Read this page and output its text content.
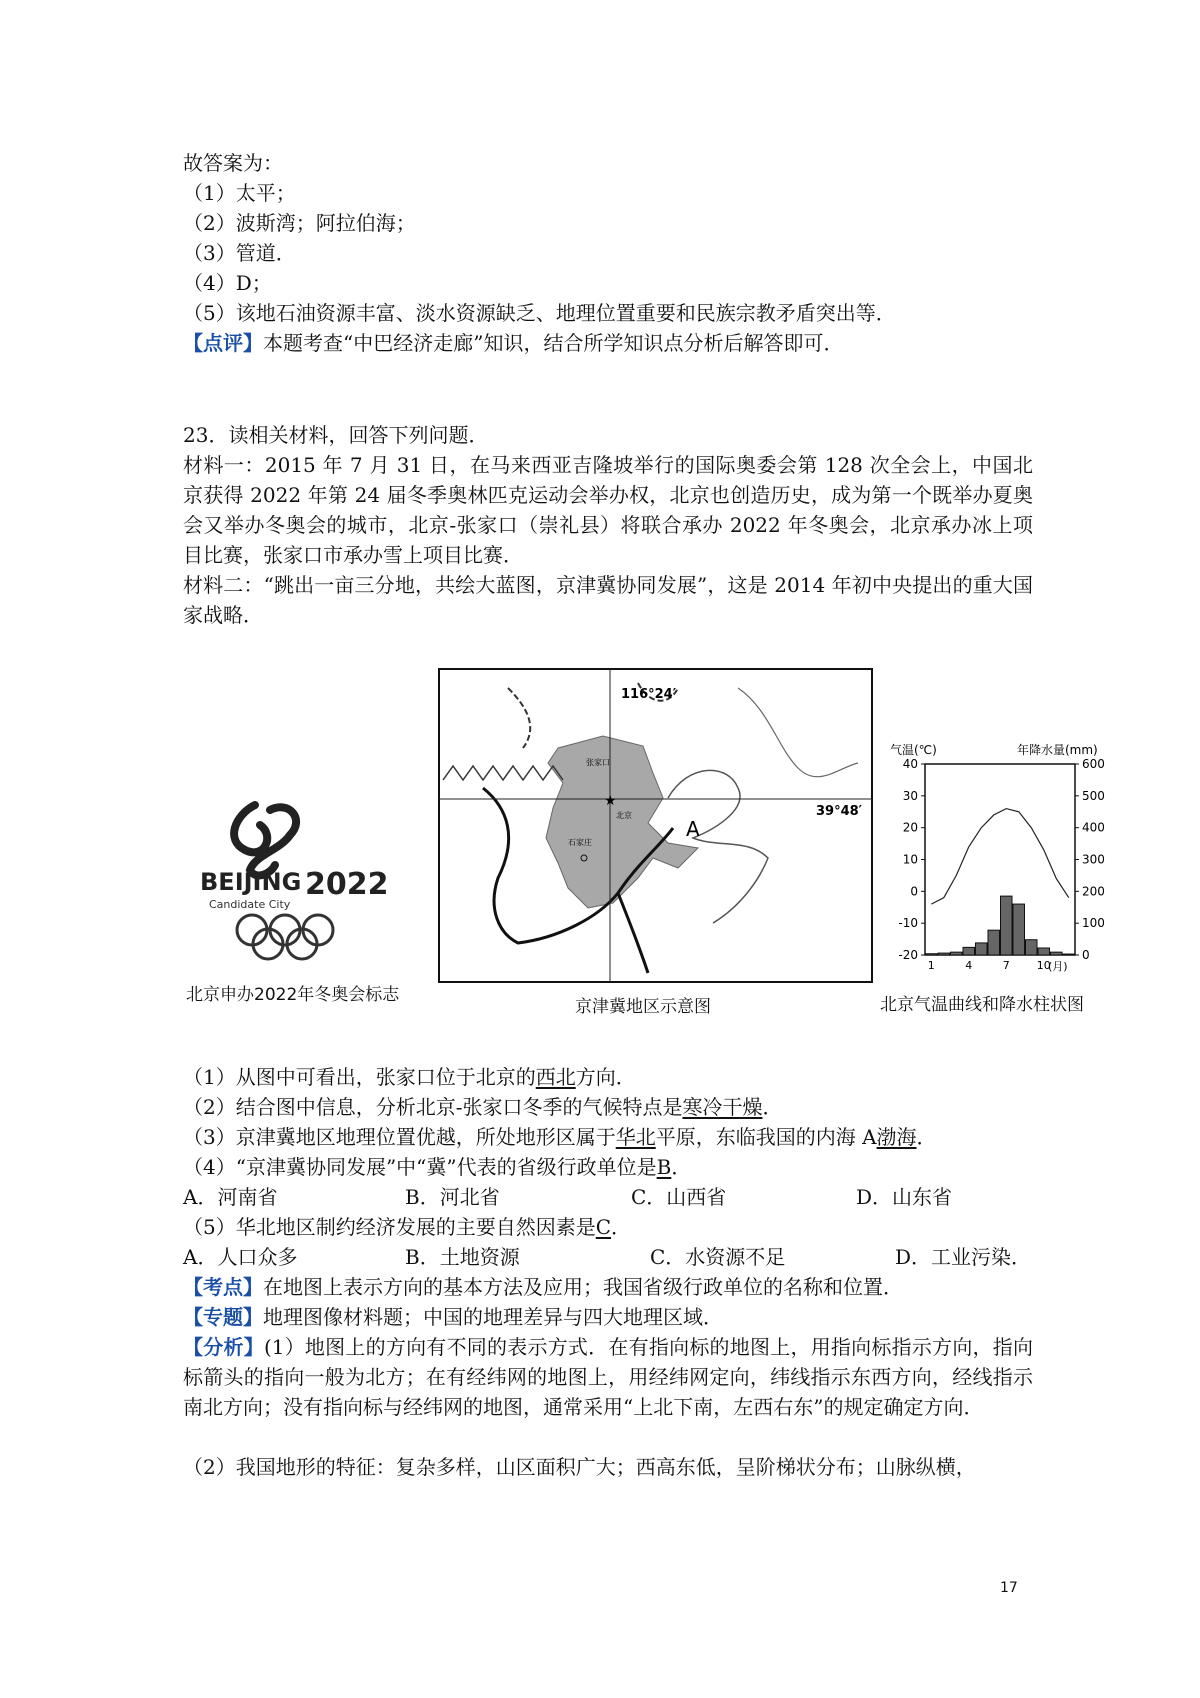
故答案为：
（1）太平；
（2）波斯湾；阿拉伯海；
（3）管道．
（4）D；
（5）该地石油资源丰富、淡水资源缺乏、地理位置重要和民族宗教矛盾突出等．
【点评】本题考查“中巴经济走廊”知识，结合所学知识点分析后解答即可．
23．读相关材料，回答下列问题．
材料一：2015 年 7 月 31 日，在马来西亚吉隆坡举行的国际奥委会第 128 次全会上，中国北京获得 2022 年第 24 届冬季奥林匹克运动会举办权，北京也创造历史，成为第一个既举办夏奥会又举办冬奥会的城市，北京-张家口（崇礼县）将联合承办 2022 年冬奥会，北京承办冰上项目比赛，张家口市承办雪上项目比赛．
材料二：“跳出一亩三分地，共绘大蓝图，京津冀协同发展”，这是 2014 年初中央提出的重大国家战略．
BEIJING 2022
Candidate City
北京申办2022年冬奥会标志
116°24′
39°48′
A
张家口
石家庄
北京
★
京津冀地区示意图
气温(℃)	年降水量(mm)
40
30
20
10
0
-10
-20
600
500
400
300
200
100
0
1	4	7 10
(月)
北京气温曲线和降水柱状图
（1）从图中可看出，张家口位于北京的西北方向．
（2）结合图中信息，分析北京-张家口冬季的气候特点是寒冷干燥．
（3）京津冀地区地理位置优越，所处地形区属于华北平原，东临我国的内海 A渤海．
（4）“京津冀协同发展”中“冀”代表的省级行政单位是B．
A．河南省	B．河北省	C．山西省	D．山东省
（5）华北地区制约经济发展的主要自然因素是C．
A．人口众多	B．土地资源	C．水资源不足	D．工业污染．
【考点】在地图上表示方向的基本方法及应用；我国省级行政单位的名称和位置．
【专题】地理图像材料题；中国的地理差异与四大地理区域．
【分析】(1）地图上的方向有不同的表示方式．在有指向标的地图上，用指向标指示方向，指向标箭头的指向一般为北方；在有经纬网的地图上，用经纬网定向，纬线指示东西方向，经线指示南北方向；没有指向标与经纬网的地图，通常采用“上北下南，左西右东”的规定确定方向．
（2）我国地形的特征：复杂多样，山区面积广大；西高东低，呈阶梯状分布；山脉纵横，
17
